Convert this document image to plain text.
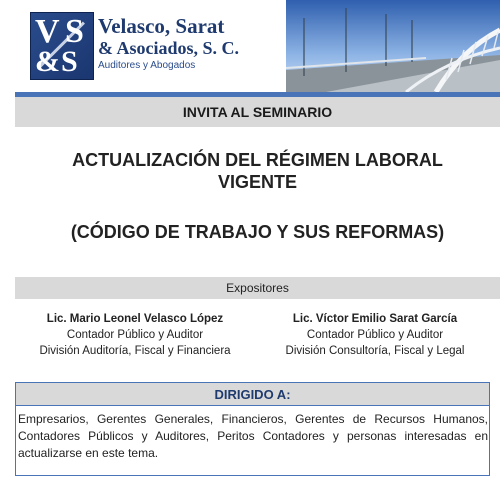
V S
& S
Velasco, Sarat
& Asociados, S. C.
Auditores y Abogados
INVITA AL SEMINARIO
ACTUALIZACIÓN DEL RÉGIMEN LABORAL
VIGENTE
(CÓDIGO DE TRABAJO Y SUS REFORMAS)
Expositores
Lic. Mario Leonel Velasco López
Contador Público y Auditor
División Auditoría, Fiscal y Financiera
Lic. Víctor Emilio Sarat García
Contador Público y Auditor
División Consultoría, Fiscal y Legal
DIRIGIDO A:
Empresarios, Gerentes Generales, Financieros, Gerentes de Recursos Humanos, Contadores Públicos y Auditores, Peritos Contadores y personas interesadas en actualizarse en este tema.
